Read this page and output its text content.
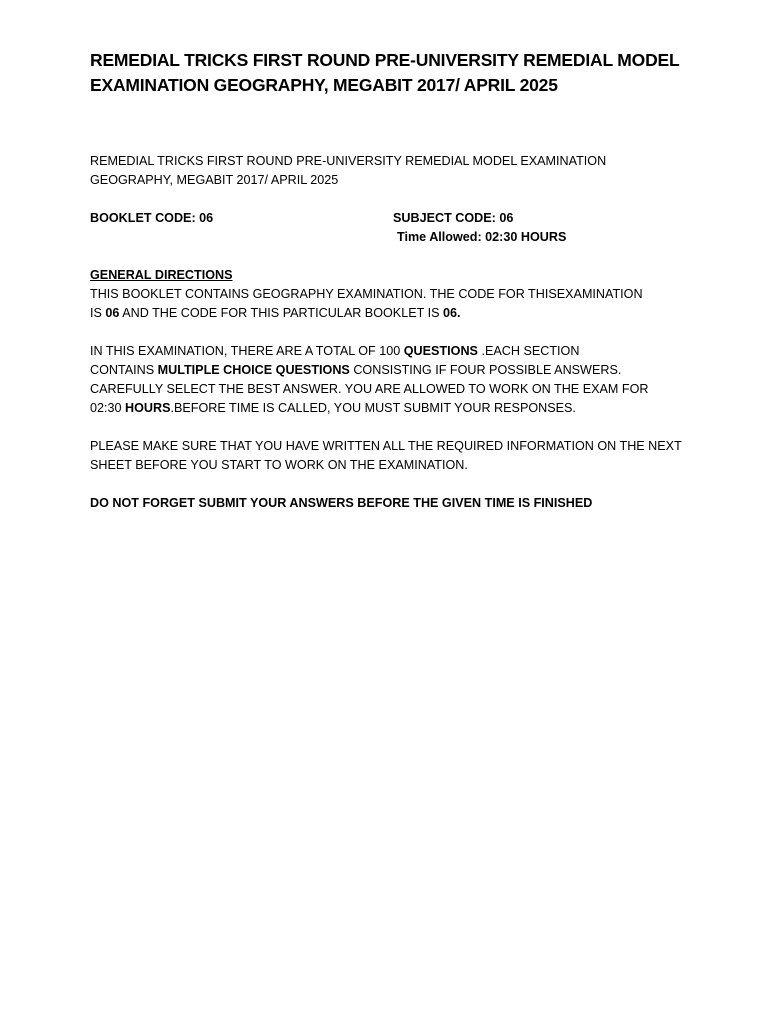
REMEDIAL TRICKS FIRST ROUND PRE-UNIVERSITY REMEDIAL MODEL
EXAMINATION GEOGRAPHY, MEGABIT 2017/ APRIL 2025
REMEDIAL TRICKS FIRST ROUND PRE-UNIVERSITY REMEDIAL MODEL EXAMINATION
GEOGRAPHY, MEGABIT 2017/ APRIL 2025
BOOKLET CODE: 06	SUBJECT CODE: 06
Time Allowed: 02:30 HOURS
GENERAL DIRECTIONS

THIS BOOKLET CONTAINS GEOGRAPHY EXAMINATION. THE CODE FOR THISEXAMINATION
IS 06 AND THE CODE FOR THIS PARTICULAR BOOKLET IS 06.

IN THIS EXAMINATION, THERE ARE A TOTAL OF 100 QUESTIONS .EACH SECTION
CONTAINS MULTIPLE CHOICE QUESTIONS CONSISTING IF FOUR POSSIBLE ANSWERS.
CAREFULLY SELECT THE BEST ANSWER. YOU ARE ALLOWED TO WORK ON THE EXAM FOR
02:30 HOURS.BEFORE TIME IS CALLED, YOU MUST SUBMIT YOUR RESPONSES.

PLEASE MAKE SURE THAT YOU HAVE WRITTEN ALL THE REQUIRED INFORMATION ON THE NEXT
SHEET BEFORE YOU START TO WORK ON THE EXAMINATION.

DO NOT FORGET SUBMIT YOUR ANSWERS BEFORE THE GIVEN TIME IS FINISHED
